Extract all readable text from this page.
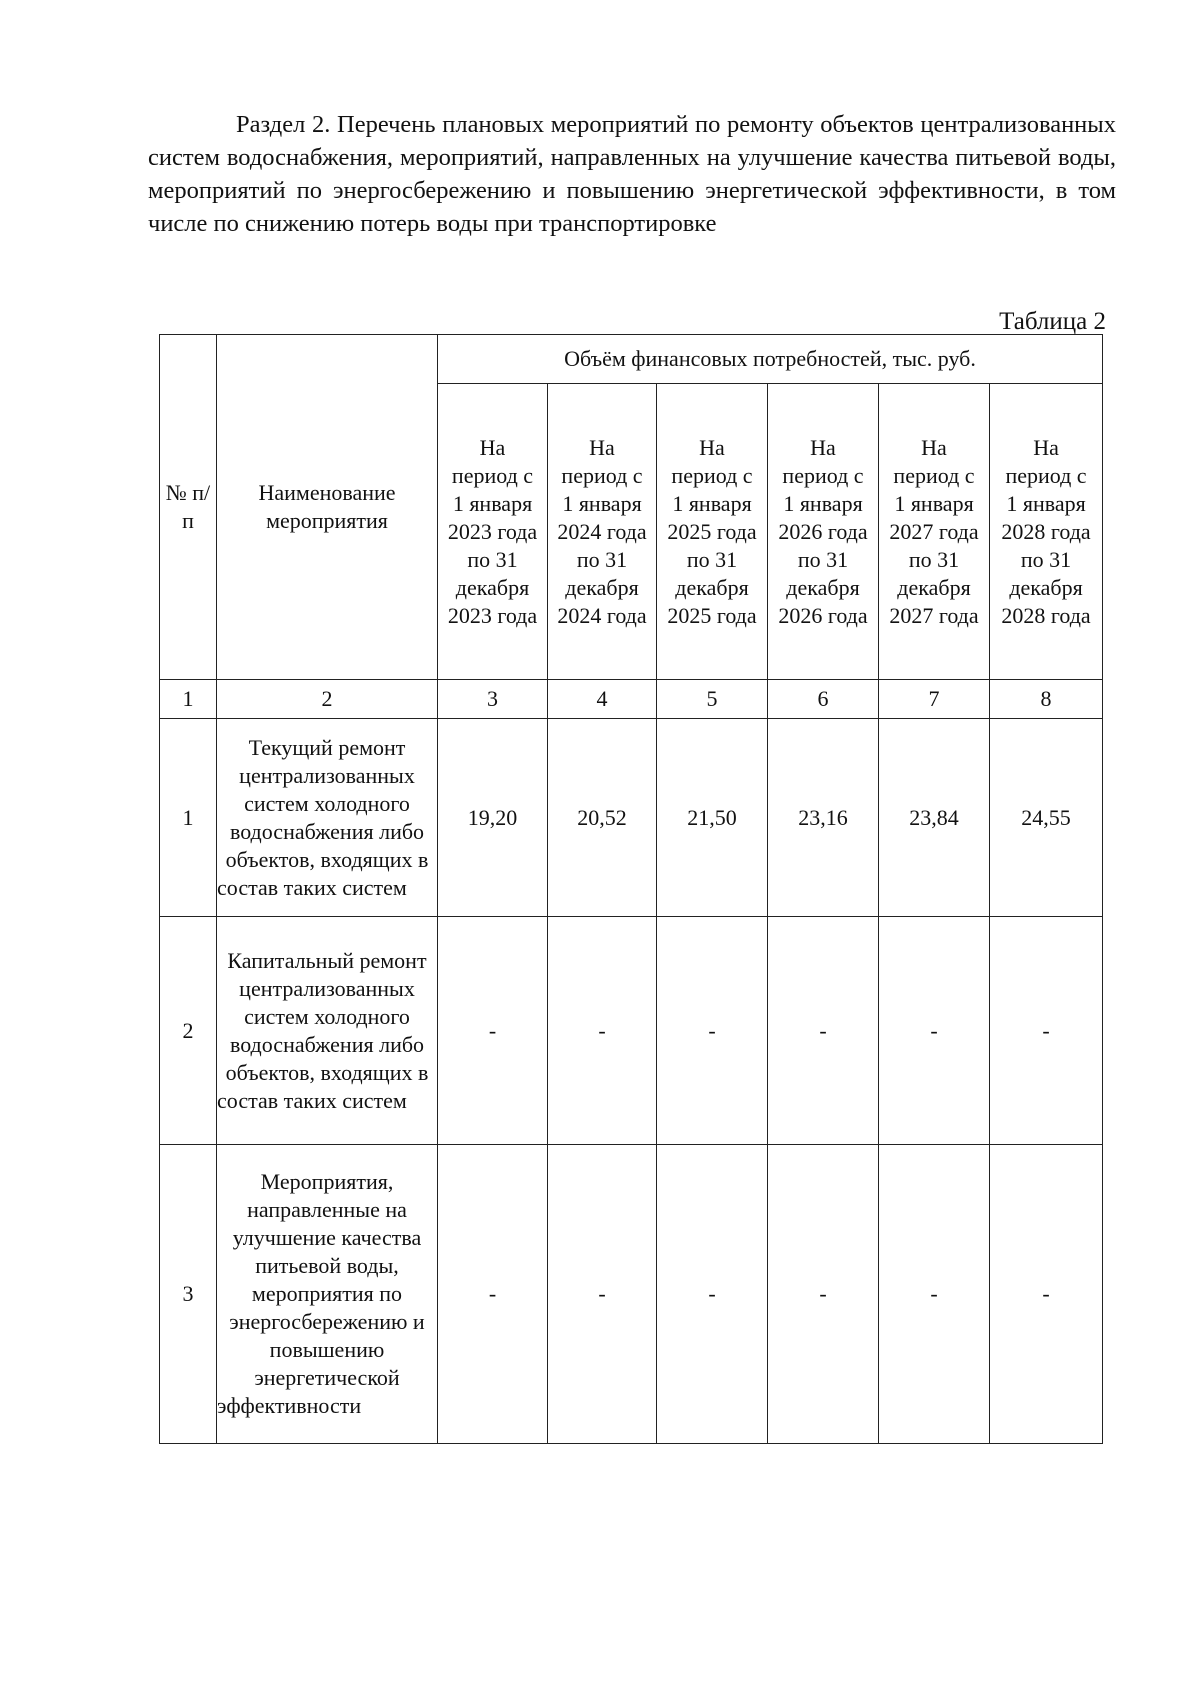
Раздел 2. Перечень плановых мероприятий по ремонту объектов централизованных систем водоснабжения, мероприятий, направленных на улучшение качества питьевой воды, мероприятий по энергосбережению и повышению энергетической эффективности, в том числе по снижению потерь воды при транспортировке

Таблица 2
№ п/п	Наименование мероприятия	Объём финансовых потребностей, тыс. руб.					

		На период с 1 января 2023 года по 31 декабря 2023 года	На период с 1 января 2024 года по 31 декабря 2024 года	На период с 1 января 2025 года по 31 декабря 2025 года	На период с 1 января 2026 года по 31 декабря 2026 года	На период с 1 января 2027 года по 31 декабря 2027 года	На период с 1 января 2028 года по 31 декабря 2028 года

1	2	3	4	5	6	7	8
1	Текущий ремонт централизованных систем холодного водоснабжения либо объектов, входящих в состав таких систем	19,20	20,52	21,50	23,16	23,84	24,55
2	Капитальный ремонт централизованных систем холодного водоснабжения либо объектов, входящих в состав таких систем	-	-	-	-	-	-
3	Мероприятия, направленные на улучшение качества питьевой воды, мероприятия по энергосбережению и повышению энергетической эффективности	-	-	-	-	-	-
